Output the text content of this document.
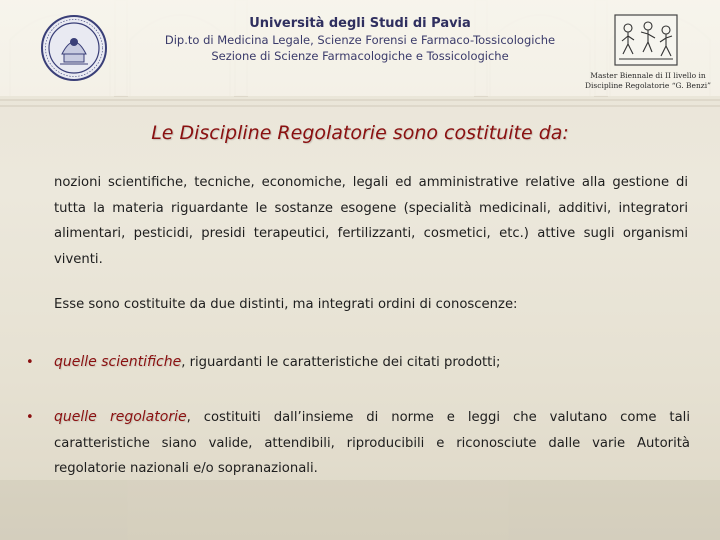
Università degli Studi di Pavia
Dip.to di Medicina Legale, Scienze Forensi e Farmaco-Tossicologiche
Sezione di Scienze Farmacologiche e Tossicologiche
Master Biennale di II livello in
Discipline Regolatorie “G. Benzi”
Le Discipline Regolatorie sono costituite da:
nozioni scientifiche, tecniche, economiche, legali ed amministrative relative alla gestione di tutta la materia riguardante le sostanze esogene (specialità medicinali, additivi, integratori alimentari, pesticidi, presidi terapeutici, fertilizzanti, cosmetici, etc.) attive sugli organismi viventi.
Esse sono costituite da due distinti, ma integrati ordini di conoscenze:
• quelle scientifiche, riguardanti le caratteristiche dei citati prodotti;
• quelle regolatorie, costituiti dall’insieme di norme e leggi che valutano come tali caratteristiche siano valide, attendibili, riproducibili e riconosciute dalle varie Autorità regolatorie nazionali e/o sopranazionali.
